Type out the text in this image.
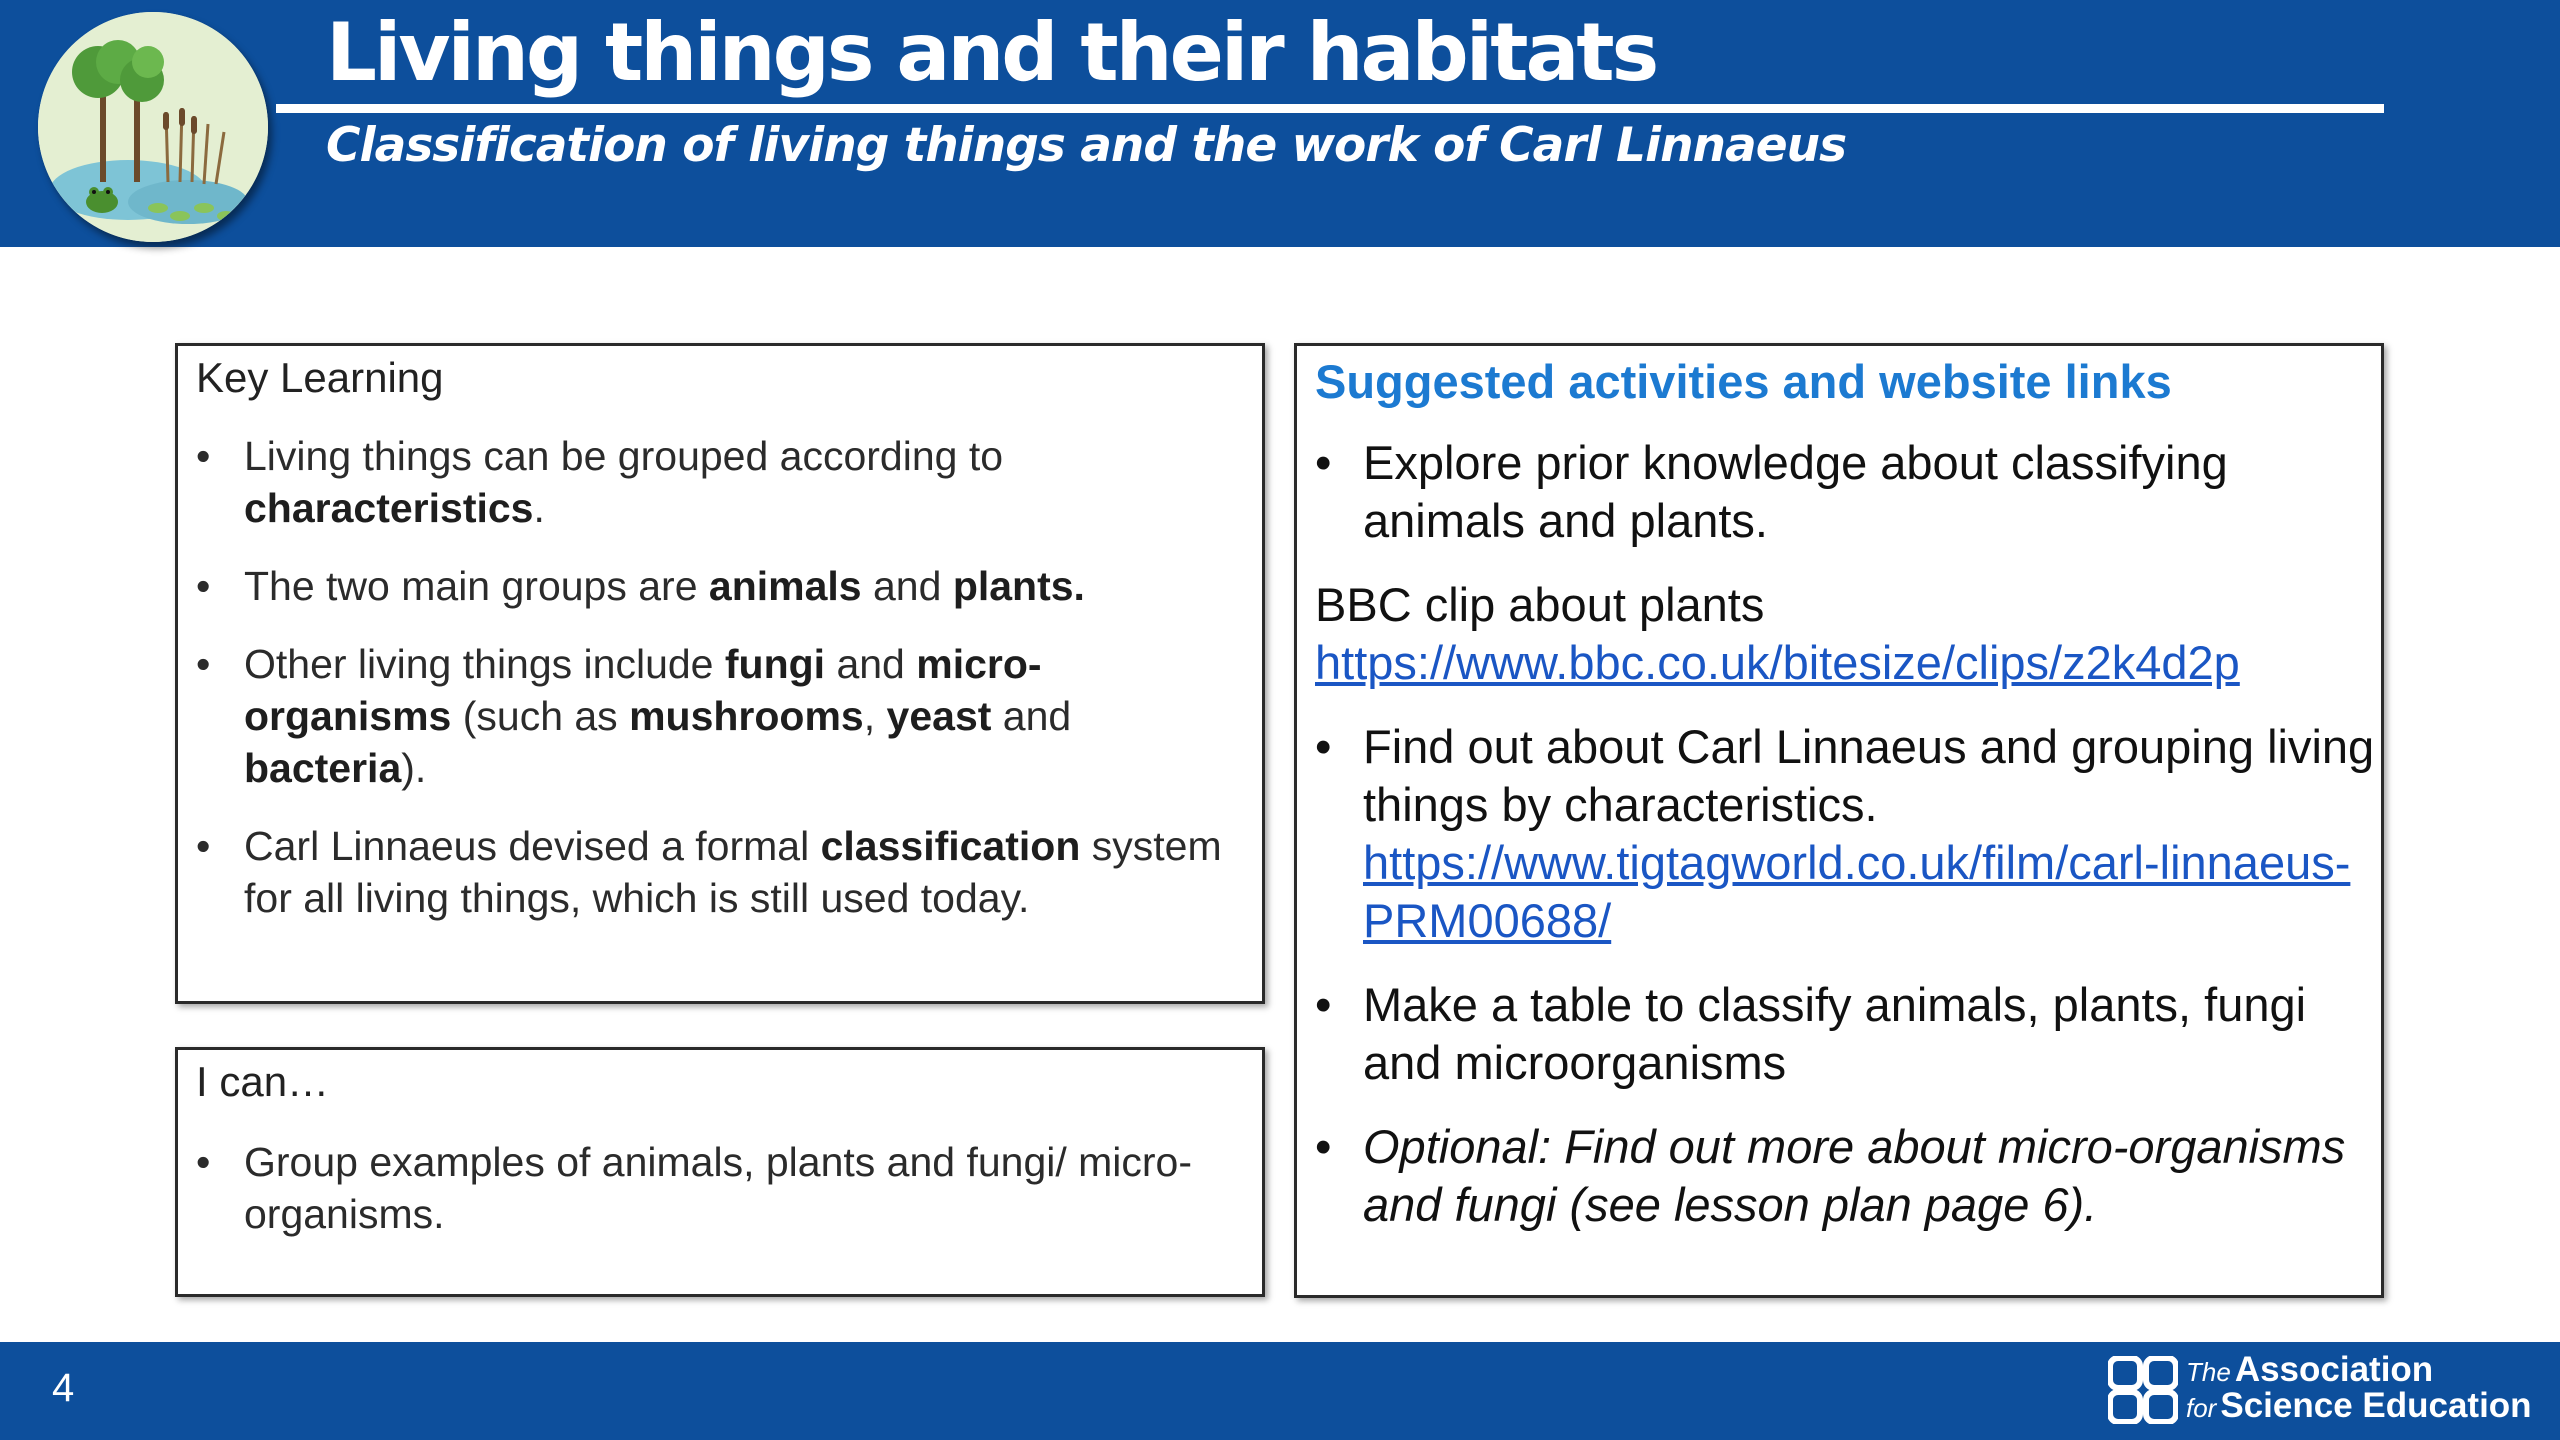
Living things and their habitats
Classification of living things and the work of Carl Linnaeus
Key Learning
• Living things can be grouped according to characteristics.
• The two main groups are animals and plants.
• Other living things include fungi and micro-organisms (such as mushrooms, yeast and bacteria).
• Carl Linnaeus devised a formal classification system for all living things, which is still used today.
I can…
• Group examples of animals, plants and fungi/ micro-organisms.
Suggested activities and website links
• Explore prior knowledge about classifying animals and plants.
BBC clip about plants
https://www.bbc.co.uk/bitesize/clips/z2k4d2p
• Find out about Carl Linnaeus and grouping living things by characteristics.
https://www.tigtagworld.co.uk/film/carl-linnaeus-PRM00688/
• Make a table to classify animals, plants, fungi and microorganisms
• Optional: Find out more about micro-organisms and fungi (see lesson plan page 6).
4	The Association
for Science Education
